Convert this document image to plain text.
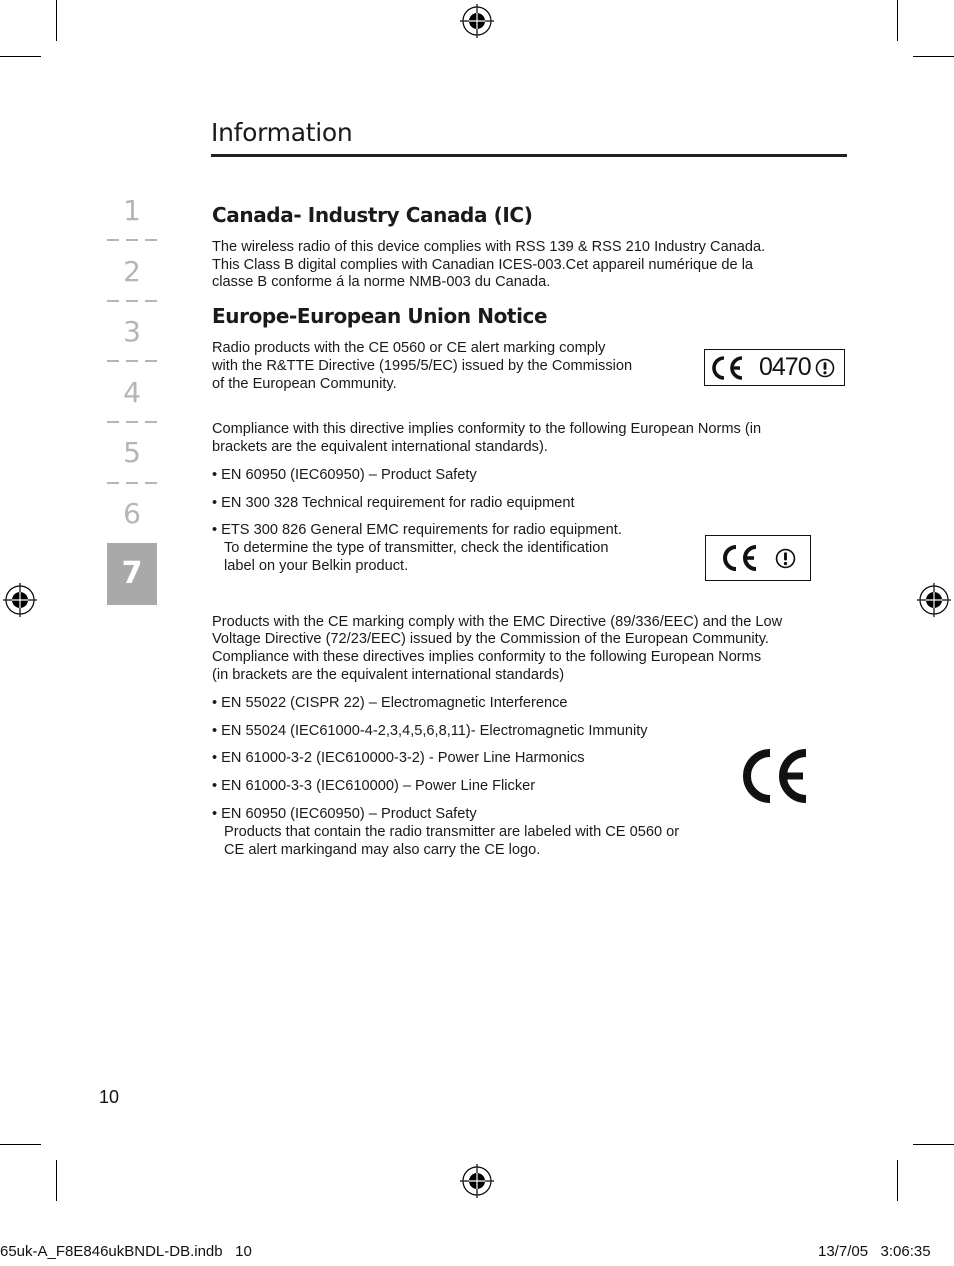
Information
1
2
3
4
5
6
7
Canada- Industry Canada (IC)
The wireless radio of this device complies with RSS 139 & RSS 210 Industry Canada.
This Class B digital complies with Canadian ICES-003.Cet appareil numérique de la
classe B conforme á la norme NMB-003 du Canada.
Europe-European Union Notice
Radio products with the CE 0560 or CE alert marking comply
with the R&TTE Directive (1995/5/EC) issued by the Commission
of the European Community.
0470
Compliance with this directive implies conformity to the following European Norms (in
brackets are the equivalent international standards).
• EN 60950 (IEC60950) – Product Safety
• EN 300 328 Technical requirement for radio equipment
• ETS 300 826 General EMC requirements for radio equipment.
To determine the type of transmitter, check the identification
label on your Belkin product.
Products with the CE marking comply with the EMC Directive (89/336/EEC) and the Low
Voltage Directive (72/23/EEC) issued by the Commission of the European Community.
Compliance with these directives implies conformity to the following European Norms
(in brackets are the equivalent international standards)
• EN 55022 (CISPR 22) – Electromagnetic Interference
• EN 55024 (IEC61000-4-2,3,4,5,6,8,11)- Electromagnetic Immunity
• EN 61000-3-2 (IEC610000-3-2) - Power Line Harmonics
• EN 61000-3-3 (IEC610000) – Power Line Flicker
• EN 60950 (IEC60950) – Product Safety
Products that contain the radio transmitter are labeled with CE 0560 or
CE alert markingand may also carry the CE logo.
10
65uk-A_F8E846ukBNDL-DB.indb   10	13/7/05   3:06:35
